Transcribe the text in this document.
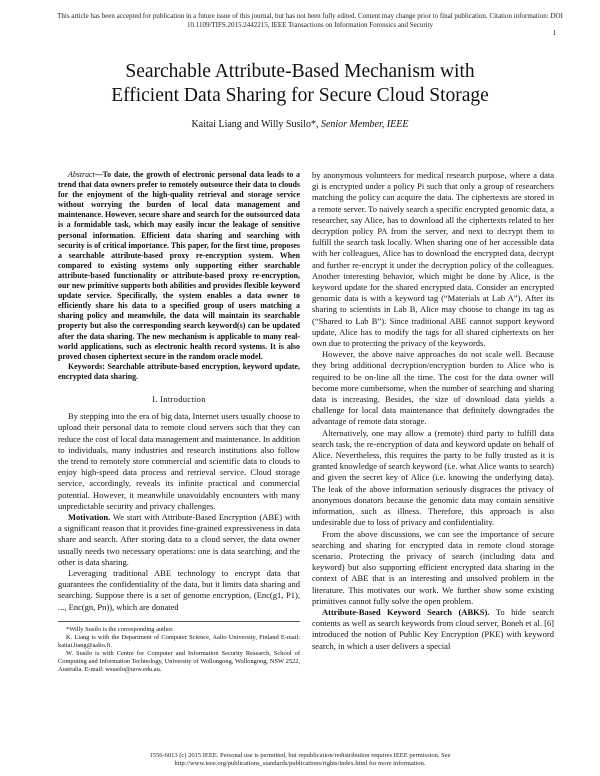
This article has been accepted for publication in a future issue of this journal, but has not been fully edited. Content may change prior to final publication. Citation information: DOI 10.1109/TIFS.2015.2442215, IEEE Transactions on Information Forensics and Security
1
Searchable Attribute-Based Mechanism with
Efficient Data Sharing for Secure Cloud Storage
Kaitai Liang and Willy Susilo*, Senior Member, IEEE

Abstract—To date, the growth of electronic personal data leads to a trend that data owners prefer to remotely outsource their data to clouds for the enjoyment of the high-quality retrieval and storage service without worrying the burden of local data management and maintenance. However, secure share and search for the outsourced data is a formidable task, which may easily incur the leakage of sensitive personal information. Efficient data sharing and searching with security is of critical importance. This paper, for the first time, proposes a searchable attribute-based proxy re-encryption system. When compared to existing systems only supporting either searchable attribute-based functionality or attribute-based proxy re-encryption, our new primitive supports both abilities and provides flexible keyword update service. Specifically, the system enables a data owner to efficiently share his data to a specified group of users matching a sharing policy and meanwhile, the data will maintain its searchable property but also the corresponding search keyword(s) can be updated after the data sharing. The new mechanism is applicable to many real-world applications, such as electronic health record systems. It is also proved chosen ciphertext secure in the random oracle model.

Keywords: Searchable attribute-based encryption, keyword update, encrypted data sharing.

I. Introduction

By stepping into the era of big data, Internet users usually choose to upload their personal data to remote cloud servers such that they can reduce the cost of local data management and maintenance. In addition to individuals, many industries and research institutions also follow the trend to remotely store commercial and scientific data to clouds to enjoy high-speed data process and retrieval service. Cloud storage service, accordingly, reveals its infinite practical and commercial potential. However, it meanwhile unavoidably encounters with many unpredictable security and privacy challenges.

Motivation. We start with Attribute-Based Encryption (ABE) with a significant reason that it provides fine-grained expressiveness in data share and search. After storing data to a cloud server, the data owner usually needs two necessary operations: one is data searching, and the other is data sharing.

Leveraging traditional ABE technology to encrypt data that guarantees the confidentiality of the data, but it limits data sharing and searching. Suppose there is a set of genome encryption, (Enc(g1, P1), ..., Enc(gn, Pn)), which are donated

*Willy Susilo is the corresponding author.
K. Liang is with the Department of Computer Science, Aalto University, Finland E-mail: kaitai.liang@aalto.fi.
W. Susilo is with Centre for Computer and Information Security Research, School of Computing and Information Technology, University of Wollongong, Wollongong, NSW 2522, Australia. E-mail: wsusilo@uow.edu.au.

by anonymous volunteers for medical research purpose, where a data gi is encrypted under a policy Pi such that only a group of researchers matching the policy can acquire the data. The ciphertexts are stored in a remote server. To naively search a specific encrypted genomic data, a researcher, say Alice, has to download all the ciphertexts related to her decryption policy PA from the server, and next to decrypt them to fulfill the search task locally. When sharing one of her accessible data with her colleagues, Alice has to download the encrypted data, decrypt and further re-encrypt it under the decryption policy of the colleagues. Another interesting behavior, which might be done by Alice, is the keyword update for the shared encrypted data. Consider an encrypted genomic data is with a keyword tag (“Materials at Lab A”). After its sharing to scientists in Lab B, Alice may choose to change its tag as (“Shared to Lab B”). Since traditional ABE cannot support keyword update, Alice has to modify the tags for all shared ciphertexts on her own due to protecting the privacy of the keywords.

However, the above naive approaches do not scale well. Because they bring additional decryption/encryption burden to Alice who is required to be on-line all the time. The cost for the data owner will become more cumbersome, when the number of searching and sharing data is increasing. Besides, the size of download data yields a challenge for local data maintenance that definitely downgrades the advantage of remote data storage.

Alternatively, one may allow a (remote) third party to fulfill data search task, the re-encryption of data and keyword update on behalf of Alice. Nevertheless, this requires the party to be fully trusted as it is granted knowledge of search keyword (i.e. what Alice wants to search) and given the secret key of Alice (i.e. knowing the underlying data). The leak of the above information seriously disgraces the privacy of anonymous donators because the genomic data may contain sensitive information, such as illness. Therefore, this approach is also undesirable due to loss of privacy and confidentiality.

From the above discussions, we can see the importance of secure searching and sharing for encrypted data in remote cloud storage scenario. Protecting the privacy of search (including data and keyword) but also supporting efficient encrypted data sharing in the context of ABE that is an interesting and unsolved problem in the literature. This motivates our work. We further show some existing primitives cannot fully solve the open problem.

Attribute-Based Keyword Search (ABKS). To hide search contents as well as search keywords from cloud server, Boneh et al. [6] introduced the notion of Public Key Encryption (PKE) with keyword search, in which a user delivers a special

1556-6013 (c) 2015 IEEE. Personal use is permitted, but republication/redistribution requires IEEE permission. See
http://www.ieee.org/publications_standards/publications/rights/index.html for more information.
